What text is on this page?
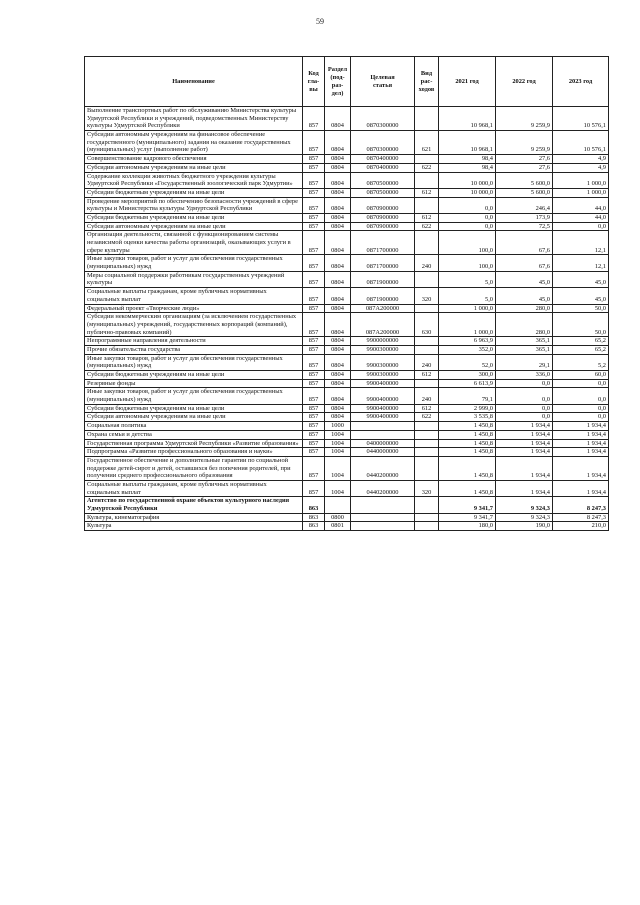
59
Наименование	Код
гла-
вы	Раздел
(под-
раз-
дел)	Целевая
статья	Вид
рас-
ходов	2021 год	2022 год	2023 год
Выполнение транспортных работ по обслуживанию Министерства культуры Удмуртской Республики и учреждений, подведомственных Министерству культуры Удмуртской Республики	857	0804	0870300000		10 968,1	9 259,9	10 576,1
Субсидии автономным учреждениям на финансовое обеспечение государственного (муниципального) задания на оказание государственных (муниципальных) услуг (выполнение работ)	857	0804	0870300000	621	10 968,1	9 259,9	10 576,1
Совершенствование кадрового обеспечения	857	0804	0870400000		98,4	27,6	4,9
Субсидии автономным учреждениям на иные цели	857	0804	0870400000	622	98,4	27,6	4,9
Содержание коллекции животных бюджетного учреждения культуры Удмуртской Республики «Государственный зоологический парк Удмуртии»	857	0804	0870500000		10 000,0	5 600,0	1 000,0
Субсидии бюджетным учреждениям на иные цели	857	0804	0870500000	612	10 000,0	5 600,0	1 000,0
Проведение мероприятий по обеспечению безопасности учреждений в сфере культуры и Министерства культуры Удмуртской Республики	857	0804	0870900000		0,0	246,4	44,0
Субсидии бюджетным учреждениям на иные цели	857	0804	0870900000	612	0,0	173,9	44,0
Субсидии автономным учреждениям на иные цели	857	0804	0870900000	622	0,0	72,5	0,0
Организация деятельности, связанной с функционированием системы независимой оценки качества работы организаций, оказывающих услуги в сфере культуры	857	0804	0871700000		100,0	67,6	12,1
Иные закупки товаров, работ и услуг для обеспечения государственных (муниципальных) нужд	857	0804	0871700000	240	100,0	67,6	12,1
Меры социальной поддержки работникам государственных учреждений культуры	857	0804	0871900000		5,0	45,0	45,0
Социальные выплаты гражданам, кроме публичных нормативных социальных выплат	857	0804	0871900000	320	5,0	45,0	45,0
Федеральный проект «Творческие люди»	857	0804	087A200000		1 000,0	280,0	50,0
Субсидии некоммерческим организациям (за исключением государственных (муниципальных) учреждений, государственных корпораций (компаний), публично-правовых компаний)	857	0804	087A200000	630	1 000,0	280,0	50,0
Непрограммные направления деятельности	857	0804	9900000000		6 963,9	365,1	65,2
Прочие обязательства государства	857	0804	9900300000		352,0	365,1	65,2
Иные закупки товаров, работ и услуг для обеспечения государственных (муниципальных) нужд	857	0804	9900300000	240	52,0	29,1	5,2
Субсидии бюджетным учреждениям на иные цели	857	0804	9900300000	612	300,0	336,0	60,0
Резервные фонды	857	0804	9900400000		6 613,9	0,0	0,0
Иные закупки товаров, работ и услуг для обеспечения государственных (муниципальных) нужд	857	0804	9900400000	240	79,1	0,0	0,0
Субсидии бюджетным учреждениям на иные цели	857	0804	9900400000	612	2 999,0	0,0	0,0
Субсидии автономным учреждениям на иные цели	857	0804	9900400000	622	3 535,8	0,0	0,0
Социальная политика	857	1000			1 450,8	1 934,4	1 934,4
Охрана семьи и детства	857	1004			1 450,8	1 934,4	1 934,4
Государственная программа Удмуртской Республики «Развитие образования»	857	1004	0400000000		1 450,8	1 934,4	1 934,4
Подпрограмма «Развитие профессионального образования и науки»	857	1004	0440000000		1 450,8	1 934,4	1 934,4
Государственное обеспечение и дополнительные гарантии по социальной поддержке детей-сирот и детей, оставшихся без попечения родителей, при получении среднего профессионального образования	857	1004	0440200000		1 450,8	1 934,4	1 934,4
Социальные выплаты гражданам, кроме публичных нормативных социальных выплат	857	1004	0440200000	320	1 450,8	1 934,4	1 934,4
Агентство по государственной охране объектов культурного наследия Удмуртской Республики	863				9 341,7	9 324,3	8 247,3
Культура, кинематография	863	0800			9 341,7	9 324,3	8 247,3
Культура	863	0801			180,0	190,0	210,0
